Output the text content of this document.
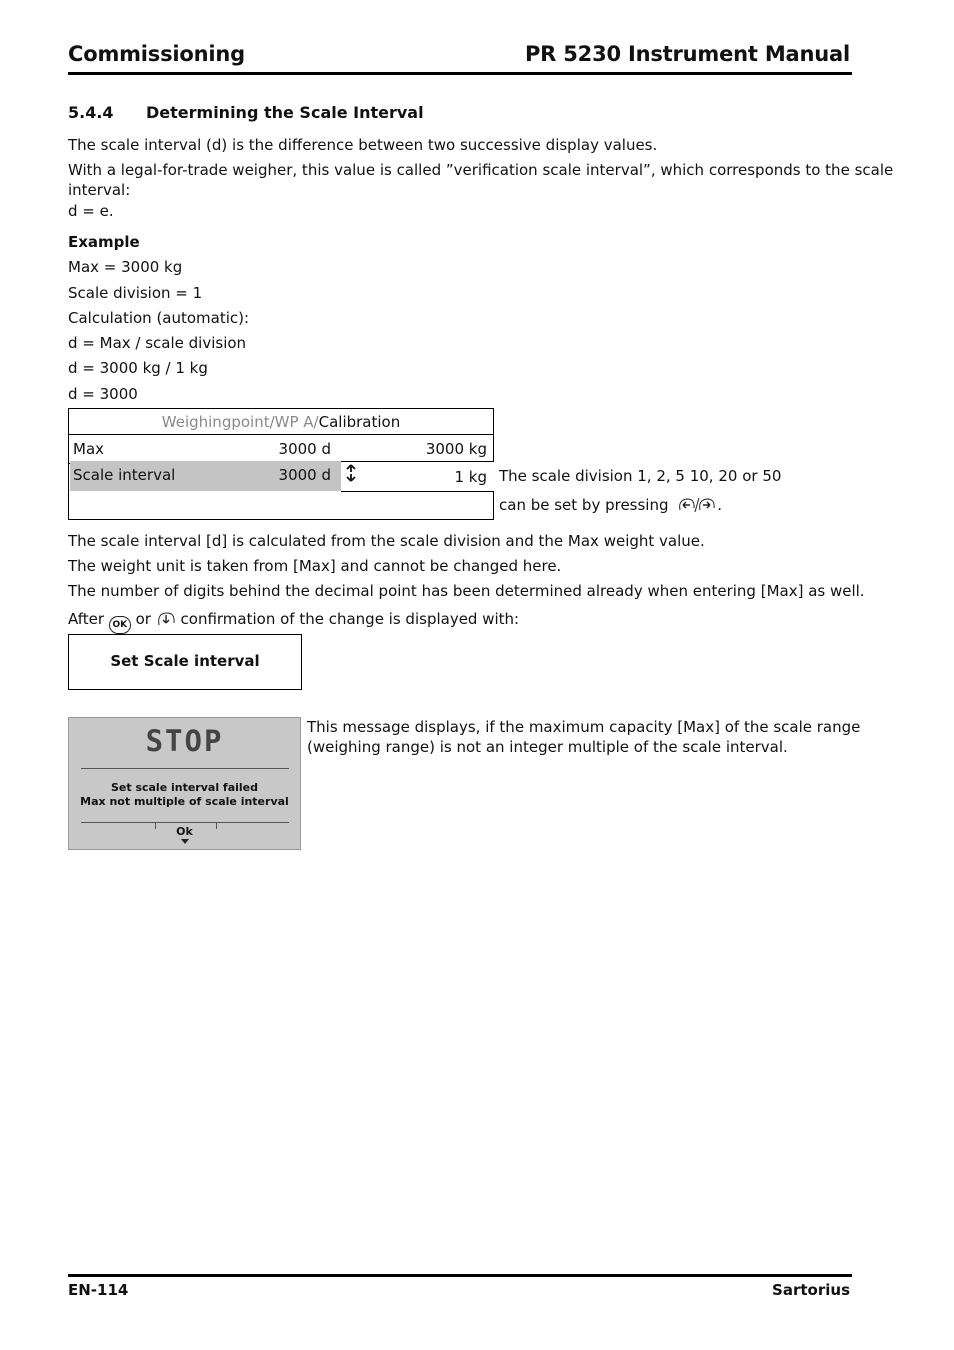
Commissioning	PR 5230 Instrument Manual
5.4.4 Determining the Scale Interval
The scale interval (d) is the difference between two successive display values.
With a legal-for-trade weigher, this value is called ”verification scale interval”, which corresponds to the scale
interval:
d = e.
Example
Max = 3000 kg
Scale division = 1
Calculation (automatic):
d = Max / scale division
d = 3000 kg / 1 kg
d = 3000
Weighingpoint/WP A/Calibration
Max	3000 d	3000 kg
Scale interval	3000 d	1 kg The scale division 1, 2, 5 10, 20 or 50
can be set by pressing	.
The scale interval [d] is calculated from the scale division and the Max weight value.
The weight unit is taken from [Max] and cannot be changed here.
The number of digits behind the decimal point has been determined already when entering [Max] as well.
After OK or confirmation of the change is displayed with:
Set Scale interval
STOP
Set scale interval failed
Max not multiple of scale interval
Ok
This message displays, if the maximum capacity [Max] of the scale range
(weighing range) is not an integer multiple of the scale interval.
EN-114	Sartorius
